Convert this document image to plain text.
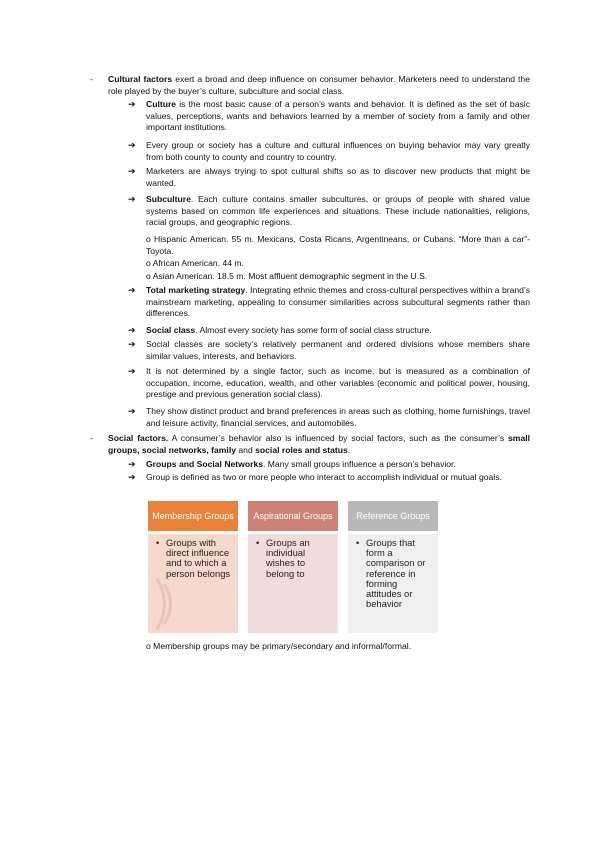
- Cultural factors exert a broad and deep influence on consumer behavior. Marketers need to understand the role played by the buyer’s culture, subculture and social class.
➔ Culture is the most basic cause of a person’s wants and behavior. It is defined as the set of basic values, perceptions, wants and behaviors learned by a member of society from a family and other important institutions.
➔ Every group or society has a culture and cultural influences on buying behavior may vary greatly from both county to county and country to country.
➔ Marketers are always trying to spot cultural shifts so as to discover new products that might be wanted.
➔ Subculture. Each culture contains smaller subcultures, or groups of people with shared value systems based on common life experiences and situations. These include nationalities, religions, racial groups, and geographic regions.
o Hispanic American. 55 m. Mexicans, Costa Ricans, Argentineans, or Cubans. “More than a car”- Toyota.
o African American. 44 m.
o Asian American. 18.5 m. Most affluent demographic segment in the U.S.
➔ Total marketing strategy. Integrating ethnic themes and cross-cultural perspectives within a brand’s mainstream marketing, appealing to consumer similarities across subcultural segments rather than differences.
➔ Social class. Almost every society has some form of social class structure.
➔ Social classes are society’s relatively permanent and ordered divisions whose members share similar values, interests, and behaviors.
➔ It is not determined by a single factor, such as income, but is measured as a combination of occupation, income, education, wealth, and other variables (economic and political power, housing, prestige and previous generation social class).
➔ They show distinct product and brand preferences in areas such as clothing, home furnishings, travel and leisure activity, financial services, and automobiles.
- Social factors. A consumer’s behavior also is influenced by social factors, such as the consumer’s small groups, social networks, family and social roles and status.
➔ Groups and Social Networks. Many small groups influence a person’s behavior.
➔ Group is defined as two or more people who interact to accomplish individual or mutual goals.
Membership Groups
• Groups with direct influence and to which a person belongs
Aspirational Groups
• Groups an individual wishes to belong to
Reference Groups
• Groups that form a comparison or reference in forming attitudes or behavior
o Membership groups may be primary/secondary and informal/formal.
